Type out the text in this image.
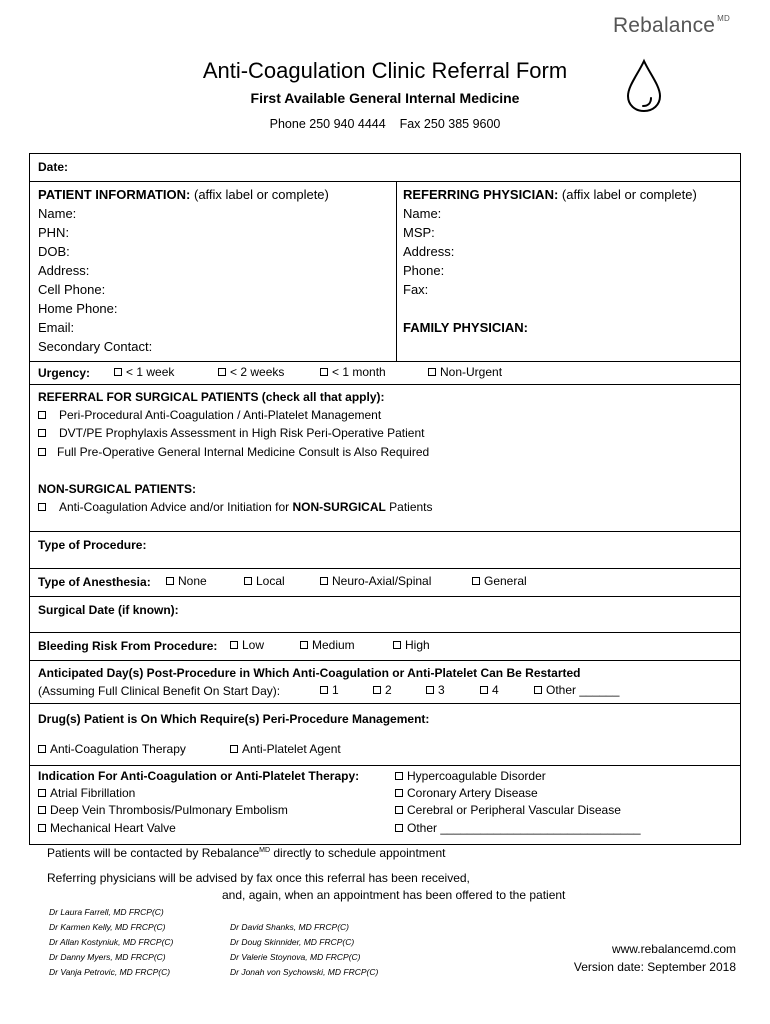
Rebalance $^{MD}$
Anti-Coagulation Clinic Referral Form
First Available General Internal Medicine
Phone 250 940 4444    Fax 250 385 9600
Date:
PATIENT INFORMATION: (affix label or complete)
Name:
PHN:
DOB:
Address:
Cell Phone:
Home Phone:
Email:
Secondary Contact:
REFERRING PHYSICIAN: (affix label or complete)
Name:
MSP:
Address:
Phone:
Fax:
FAMILY PHYSICIAN:
Urgency:	< 1 week	< 2 weeks	< 1 month	Non-Urgent
REFERRAL FOR SURGICAL PATIENTS (check all that apply):
Peri-Procedural Anti-Coagulation / Anti-Platelet Management
DVT/PE Prophylaxis Assessment in High Risk Peri-Operative Patient
Full Pre-Operative General Internal Medicine Consult is Also Required
NON-SURGICAL PATIENTS:
Anti-Coagulation Advice and/or Initiation for NON-SURGICAL Patients
Type of Procedure:
Type of Anesthesia:	None	Local	Neuro-Axial/Spinal	General
Surgical Date (if known):
Bleeding Risk From Procedure:	Low	Medium	High
Anticipated Day(s) Post-Procedure in Which Anti-Coagulation or Anti-Platelet Can Be Restarted
(Assuming Full Clinical Benefit On Start Day):	1	2	3	4	Other ______
Drug(s) Patient is On Which Require(s) Peri-Procedure Management:
Anti-Coagulation Therapy	Anti-Platelet Agent
Indication For Anti-Coagulation or Anti-Platelet Therapy:
Atrial Fibrillation
Deep Vein Thrombosis/Pulmonary Embolism
Mechanical Heart Valve
Hypercoagulable Disorder
Coronary Artery Disease
Cerebral or Peripheral Vascular Disease
Other ______________________________
Patients will be contacted by Rebalance$^{MD}$ directly to schedule appointment
Referring physicians will be advised by fax once this referral has been received,
and, again, when an appointment has been offered to the patient
Dr Laura Farrell, MD FRCP(C)
Dr Karmen Kelly, MD FRCP(C)
Dr Allan Kostyniuk, MD FRCP(C)
Dr Danny Myers, MD FRCP(C)
Dr Vanja Petrovic, MD FRCP(C)
Dr David Shanks, MD FRCP(C)
Dr Doug Skinnider, MD FRCP(C)
Dr Valerie Stoynova, MD FRCP(C)
Dr Jonah von Sychowski, MD FRCP(C)
www.rebalancemd.com
Version date: September 2018
